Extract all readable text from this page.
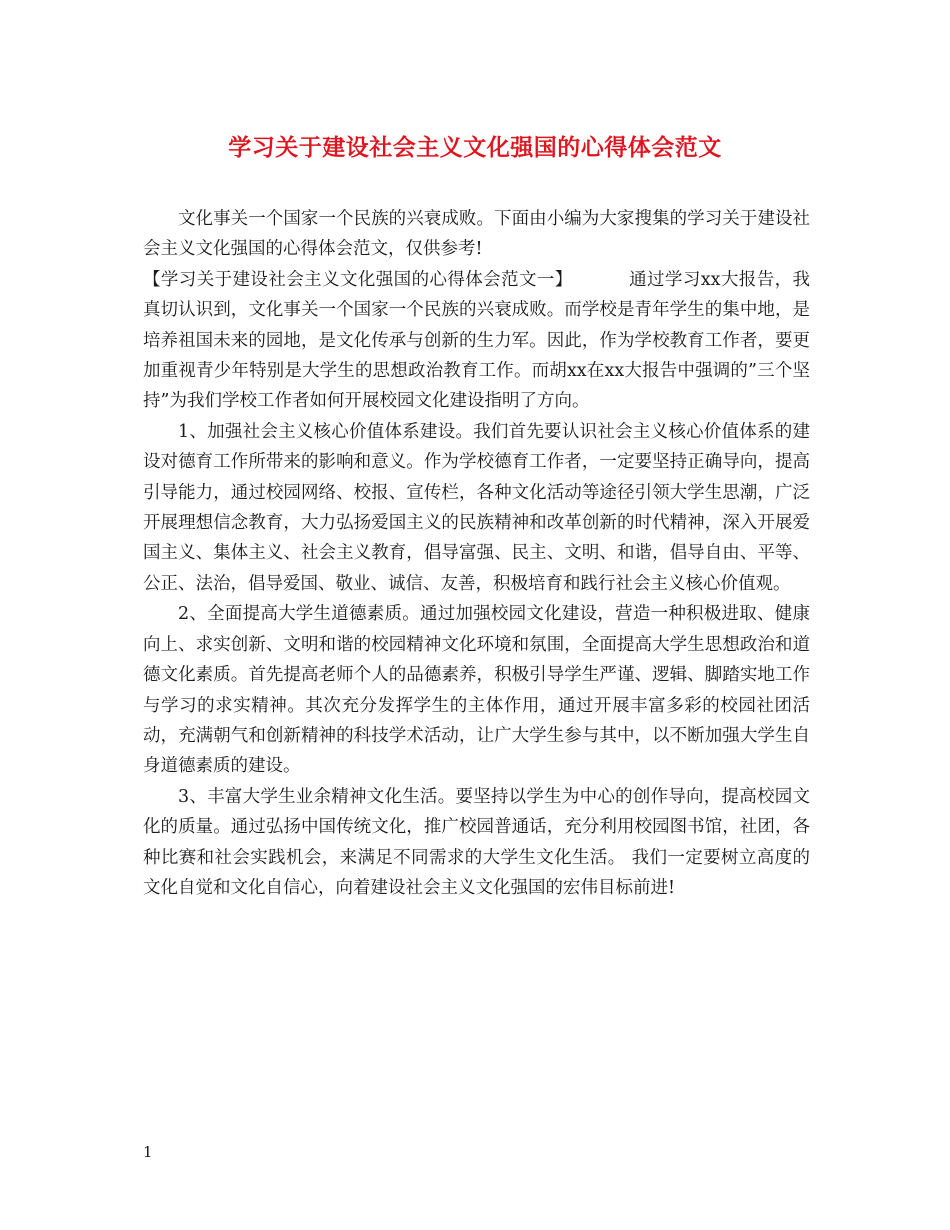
学习关于建设社会主义文化强国的心得体会范文

文化事关一个国家一个民族的兴衰成败。下面由小编为大家搜集的学习关于建设社会主义文化强国的心得体会范文，仅供参考!

【学习关于建设社会主义文化强国的心得体会范文一】	通过学习xx大报告，我真切认识到，文化事关一个国家一个民族的兴衰成败。而学校是青年学生的集中地，是培养祖国未来的园地，是文化传承与创新的生力军。因此，作为学校教育工作者，要更加重视青少年特别是大学生的思想政治教育工作。而胡xx在xx大报告中强调的”三个坚持”为我们学校工作者如何开展校园文化建设指明了方向。

1、加强社会主义核心价值体系建设。我们首先要认识社会主义核心价值体系的建设对德育工作所带来的影响和意义。作为学校德育工作者，一定要坚持正确导向，提高引导能力，通过校园网络、校报、宣传栏，各种文化活动等途径引领大学生思潮，广泛开展理想信念教育，大力弘扬爱国主义的民族精神和改革创新的时代精神，深入开展爱国主义、集体主义、社会主义教育，倡导富强、民主、文明、和谐，倡导自由、平等、公正、法治，倡导爱国、敬业、诚信、友善，积极培育和践行社会主义核心价值观。

2、全面提高大学生道德素质。通过加强校园文化建设，营造一种积极进取、健康向上、求实创新、文明和谐的校园精神文化环境和氛围，全面提高大学生思想政治和道德文化素质。首先提高老师个人的品德素养，积极引导学生严谨、逻辑、脚踏实地工作与学习的求实精神。其次充分发挥学生的主体作用，通过开展丰富多彩的校园社团活动，充满朝气和创新精神的科技学术活动，让广大学生参与其中，以不断加强大学生自身道德素质的建设。

3、丰富大学生业余精神文化生活。要坚持以学生为中心的创作导向，提高校园文化的质量。通过弘扬中国传统文化，推广校园普通话，充分利用校园图书馆，社团，各种比赛和社会实践机会，来满足不同需求的大学生文化生活。 我们一定要树立高度的文化自觉和文化自信心，向着建设社会主义文化强国的宏伟目标前进!

1
